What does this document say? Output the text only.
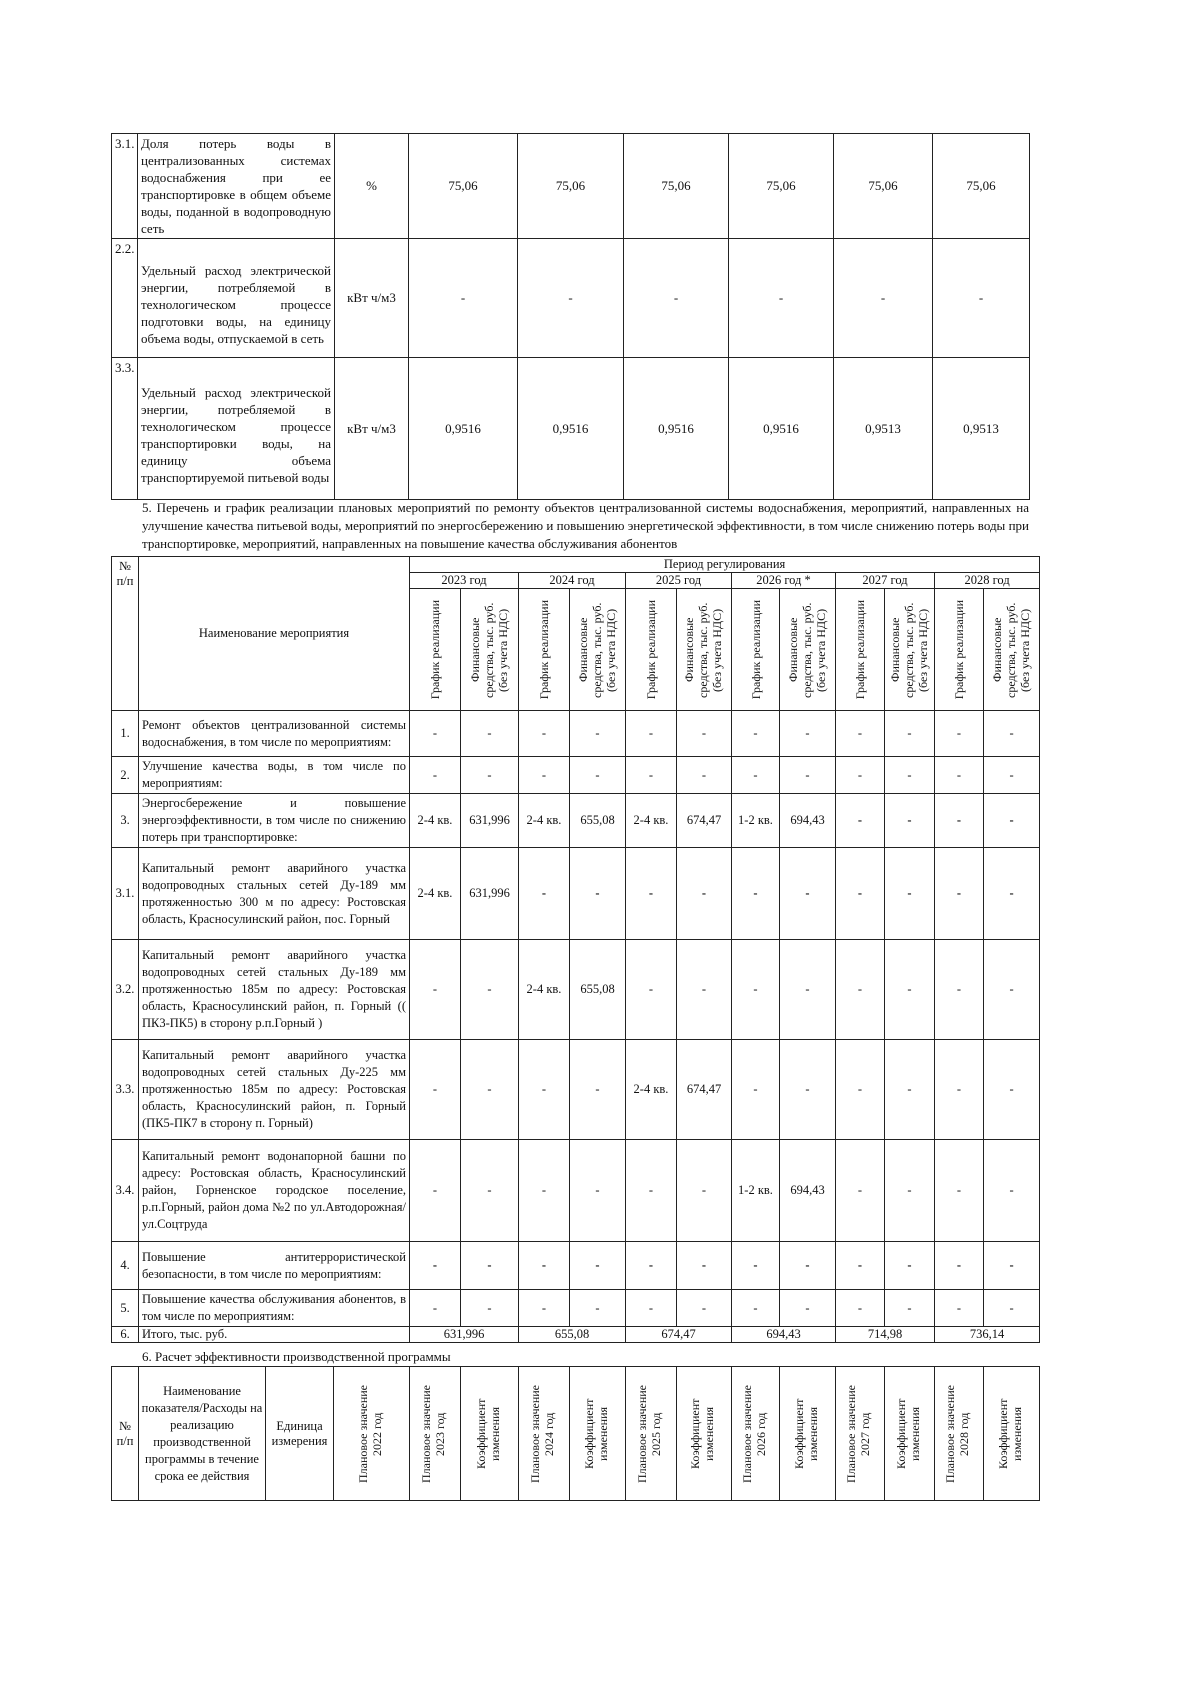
3.1.	Доля потерь воды в централизованных системах водоснабжения при ее транспортировке в общем объеме воды, поданной в водопроводную сеть	%	75,06	75,06	75,06	75,06	75,06	75,06
2.2.	Удельный расход электрической энергии, потребляемой в технологическом процессе подготовки воды, на единицу объема воды, отпускаемой в сеть	кВт ч/м3	-	-	-	-	-	-
3.3.	Удельный расход электрической энергии, потребляемой в технологическом процессе транспортировки воды, на единицу объема транспортируемой питьевой воды	кВт ч/м3	0,9516	0,9516	0,9516	0,9516	0,9513	0,9513
5. Перечень и график реализации плановых мероприятий по ремонту объектов централизованной системы водоснабжения, мероприятий, направленных на улучшение качества питьевой воды, мероприятий по энергосбережению и повышению энергетической эффективности, в том числе снижению потерь воды при транспортировке, мероприятий, направленных на повышение качества обслуживания абонентов
№ п/п	Наименование мероприятия	Период регулирования											
		2023 год		2024 год		2025 год		2026 год *		2027 год		2028 год	

		График реализации	Финансовые средства, тыс. руб. (без учета НДС)	График реализации	Финансовые средства, тыс. руб. (без учета НДС)	График реализации	Финансовые средства, тыс. руб. (без учета НДС)	График реализации	Финансовые средства, тыс. руб. (без учета НДС)	График реализации	Финансовые средства, тыс. руб. (без учета НДС)	График реализации	Финансовые средства, тыс. руб. (без учета НДС)

1.	Ремонт объектов централизованной системы водоснабжения, в том числе по мероприятиям:	-	-	-	-	-	-	-	-	-	-	-	-
2.	Улучшение качества воды, в том числе по мероприятиям:	-	-	-	-	-	-	-	-	-	-	-	-
3.	Энергосбережение и повышение энергоэффективности, в том числе по снижению потерь при транспортировке:	2-4 кв.	631,996	2-4 кв.	655,08	2-4 кв.	674,47	1-2 кв.	694,43	-	-	-	-
3.1.	Капитальный ремонт аварийного участка водопроводных стальных сетей Ду-189 мм протяженностью 300 м по адресу: Ростовская область, Красносулинский район, пос. Горный	2-4 кв.	631,996	-	-	-	-	-	-	-	-	-	-
3.2.	Капитальный ремонт аварийного участка водопроводных сетей стальных Ду-189 мм протяженностью 185м по адресу: Ростовская область, Красносулинский район, п. Горный (( ПК3-ПК5) в сторону р.п.Горный )	-	-	2-4 кв.	655,08	-	-	-	-	-	-	-	-
3.3.	Капитальный ремонт аварийного участка водопроводных сетей стальных Ду-225 мм протяженностью 185м по адресу: Ростовская область, Красносулинский район, п. Горный (ПК5-ПК7 в сторону п. Горный)	-	-	-	-	2-4 кв.	674,47	-	-	-	-	-	-
3.4.	Капитальный ремонт водонапорной башни по адресу: Ростовская область, Красносулинский район, Горненское городское поселение, р.п.Горный, район дома №2 по ул.Автодорожная/ ул.Соцтруда	-	-	-	-	-	-	1-2 кв.	694,43	-	-	-	-
4.	Повышение антитеррористической безопасности, в том числе по мероприятиям:	-	-	-	-	-	-	-	-	-	-	-	-
5.	Повышение качества обслуживания абонентов, в том числе по мероприятиям:	-	-	-	-	-	-	-	-	-	-	-	-
6.	Итого, тыс. руб.	631,996		655,08		674,47		694,43		714,98		736,14	
6. Расчет эффективности производственной программы
№ п/п	Наименование показателя/Расходы на реализацию производственной программы в течение срока ее действия	Единица измерения	Плановое значение 2022 год	Плановое значение 2023 год	Коэффициент изменения	Плановое значение 2024 год	Коэффициент изменения	Плановое значение 2025 год	Коэффициент изменения	Плановое значение 2026 год	Коэффициент изменения	Плановое значение 2027 год	Коэффициент изменения	Плановое значение 2028 год	Коэффициент изменения
